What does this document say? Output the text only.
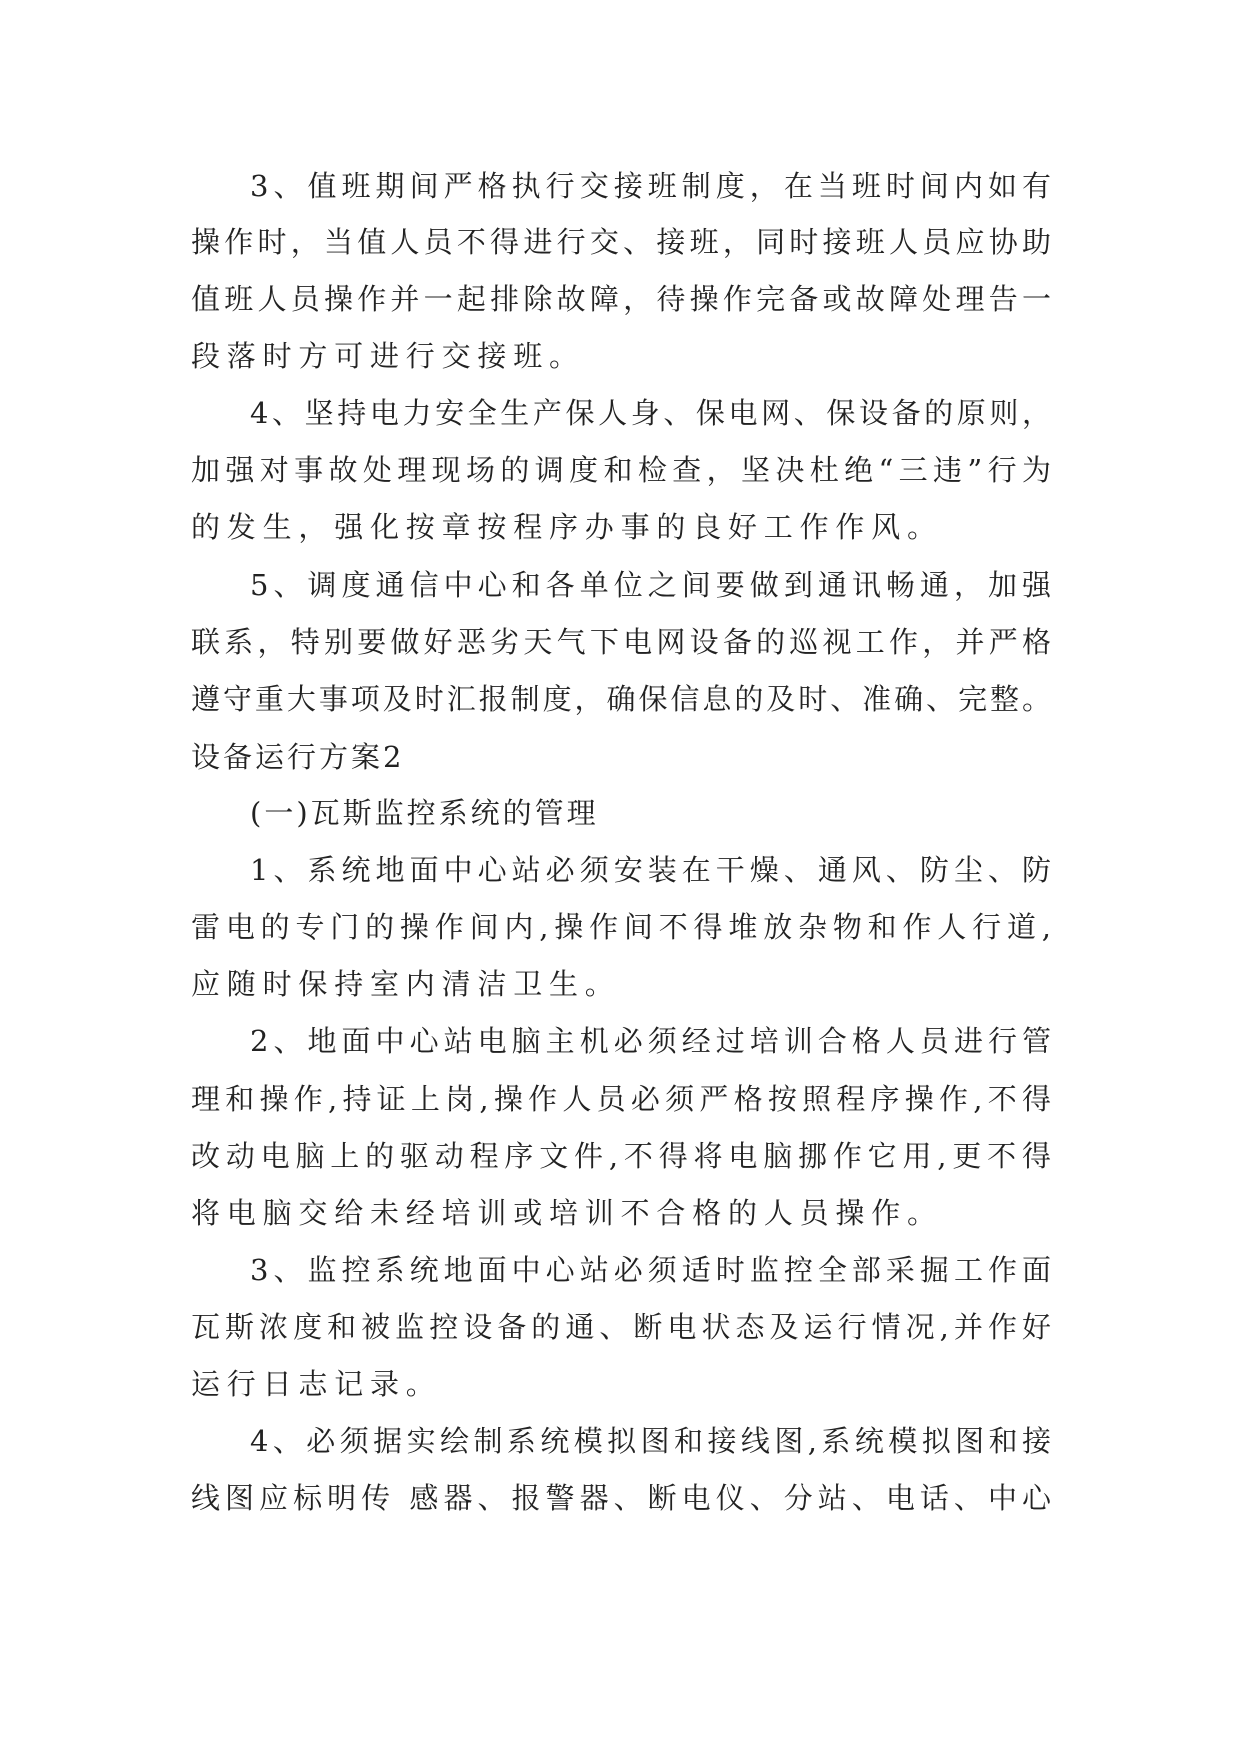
3、值班期间严格执行交接班制度，在当班时间内如有
操作时，当值人员不得进行交、接班，同时接班人员应协助
值班人员操作并一起排除故障，待操作完备或故障处理告一
段落时方可进行交接班。
4、坚持电力安全生产保人身、保电网、保设备的原则，
加强对事故处理现场的调度和检查，坚决杜绝“三违”行为
的发生，强化按章按程序办事的良好工作作风。
5、调度通信中心和各单位之间要做到通讯畅通，加强
联系，特别要做好恶劣天气下电网设备的巡视工作，并严格
遵守重大事项及时汇报制度，确保信息的及时、准确、完整。
设备运行方案2
(一)瓦斯监控系统的管理
1、系统地面中心站必须安装在干燥、通风、防尘、防
雷电的专门的操作间内,操作间不得堆放杂物和作人行道,
应随时保持室内清洁卫生。
2、地面中心站电脑主机必须经过培训合格人员进行管
理和操作,持证上岗,操作人员必须严格按照程序操作,不得
改动电脑上的驱动程序文件,不得将电脑挪作它用,更不得
将电脑交给未经培训或培训不合格的人员操作。
3、监控系统地面中心站必须适时监控全部采掘工作面
瓦斯浓度和被监控设备的通、断电状态及运行情况,并作好
运行日志记录。
4、必须据实绘制系统模拟图和接线图,系统模拟图和接
线图应标明传 感器、报警器、断电仪、分站、电话、中心
